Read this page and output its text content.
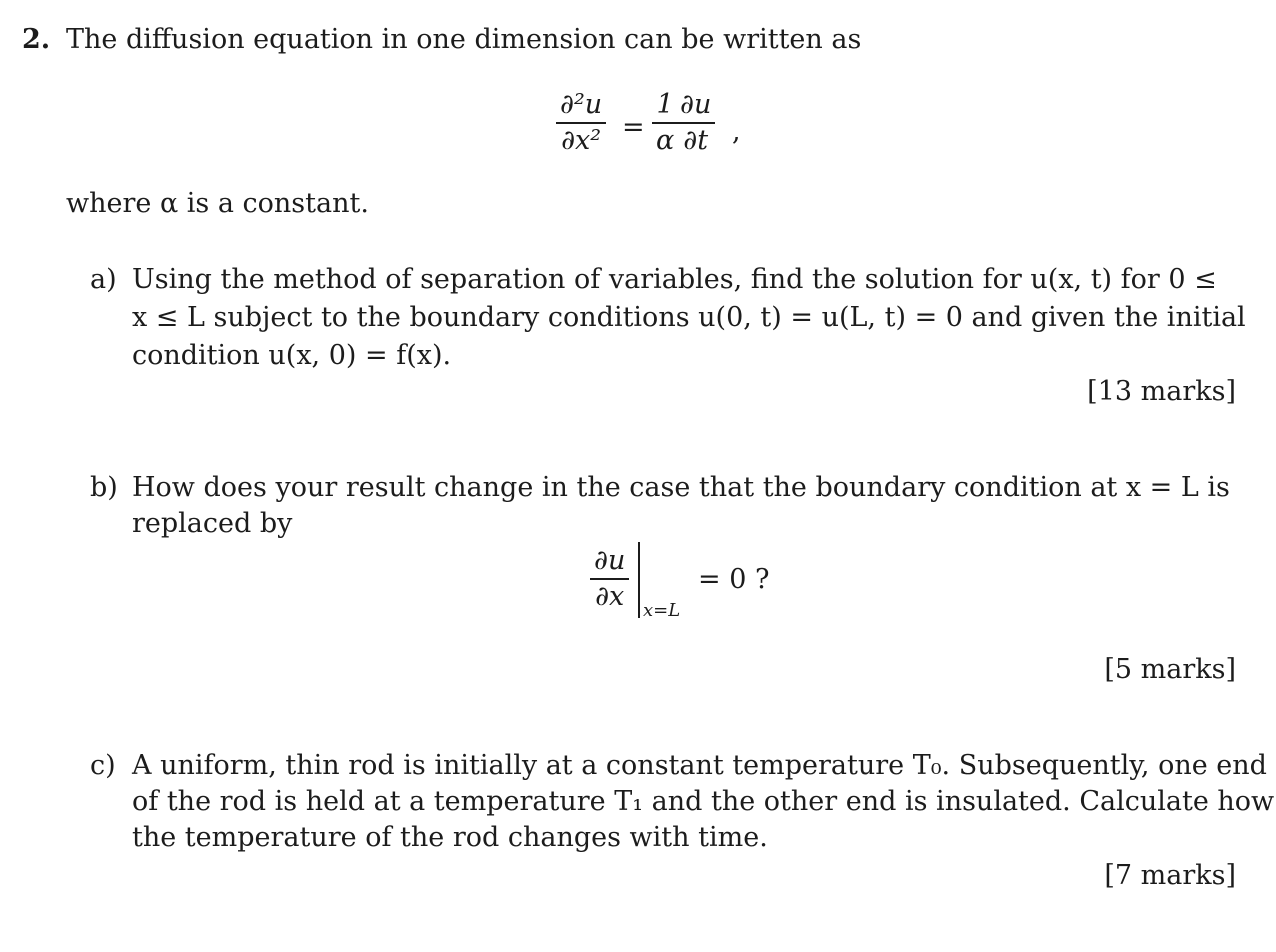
2. The diffusion equation in one dimension can be written as
∂²u
∂x² =
1
α
∂u
∂t ,
where α is a constant.
a) Using the method of separation of variables, find the solution for u(x, t) for 0 ≤
x ≤ L subject to the boundary conditions u(0, t) = u(L, t) = 0 and given the initial
condition u(x, 0) = f(x).
[13 marks]
b) How does your result change in the case that the boundary condition at x = L is
replaced by
∂u
∂x x=L
= 0 ?
[5 marks]
c) A uniform, thin rod is initially at a constant temperature T₀. Subsequently, one end
of the rod is held at a temperature T₁ and the other end is insulated. Calculate how
the temperature of the rod changes with time.
[7 marks]
